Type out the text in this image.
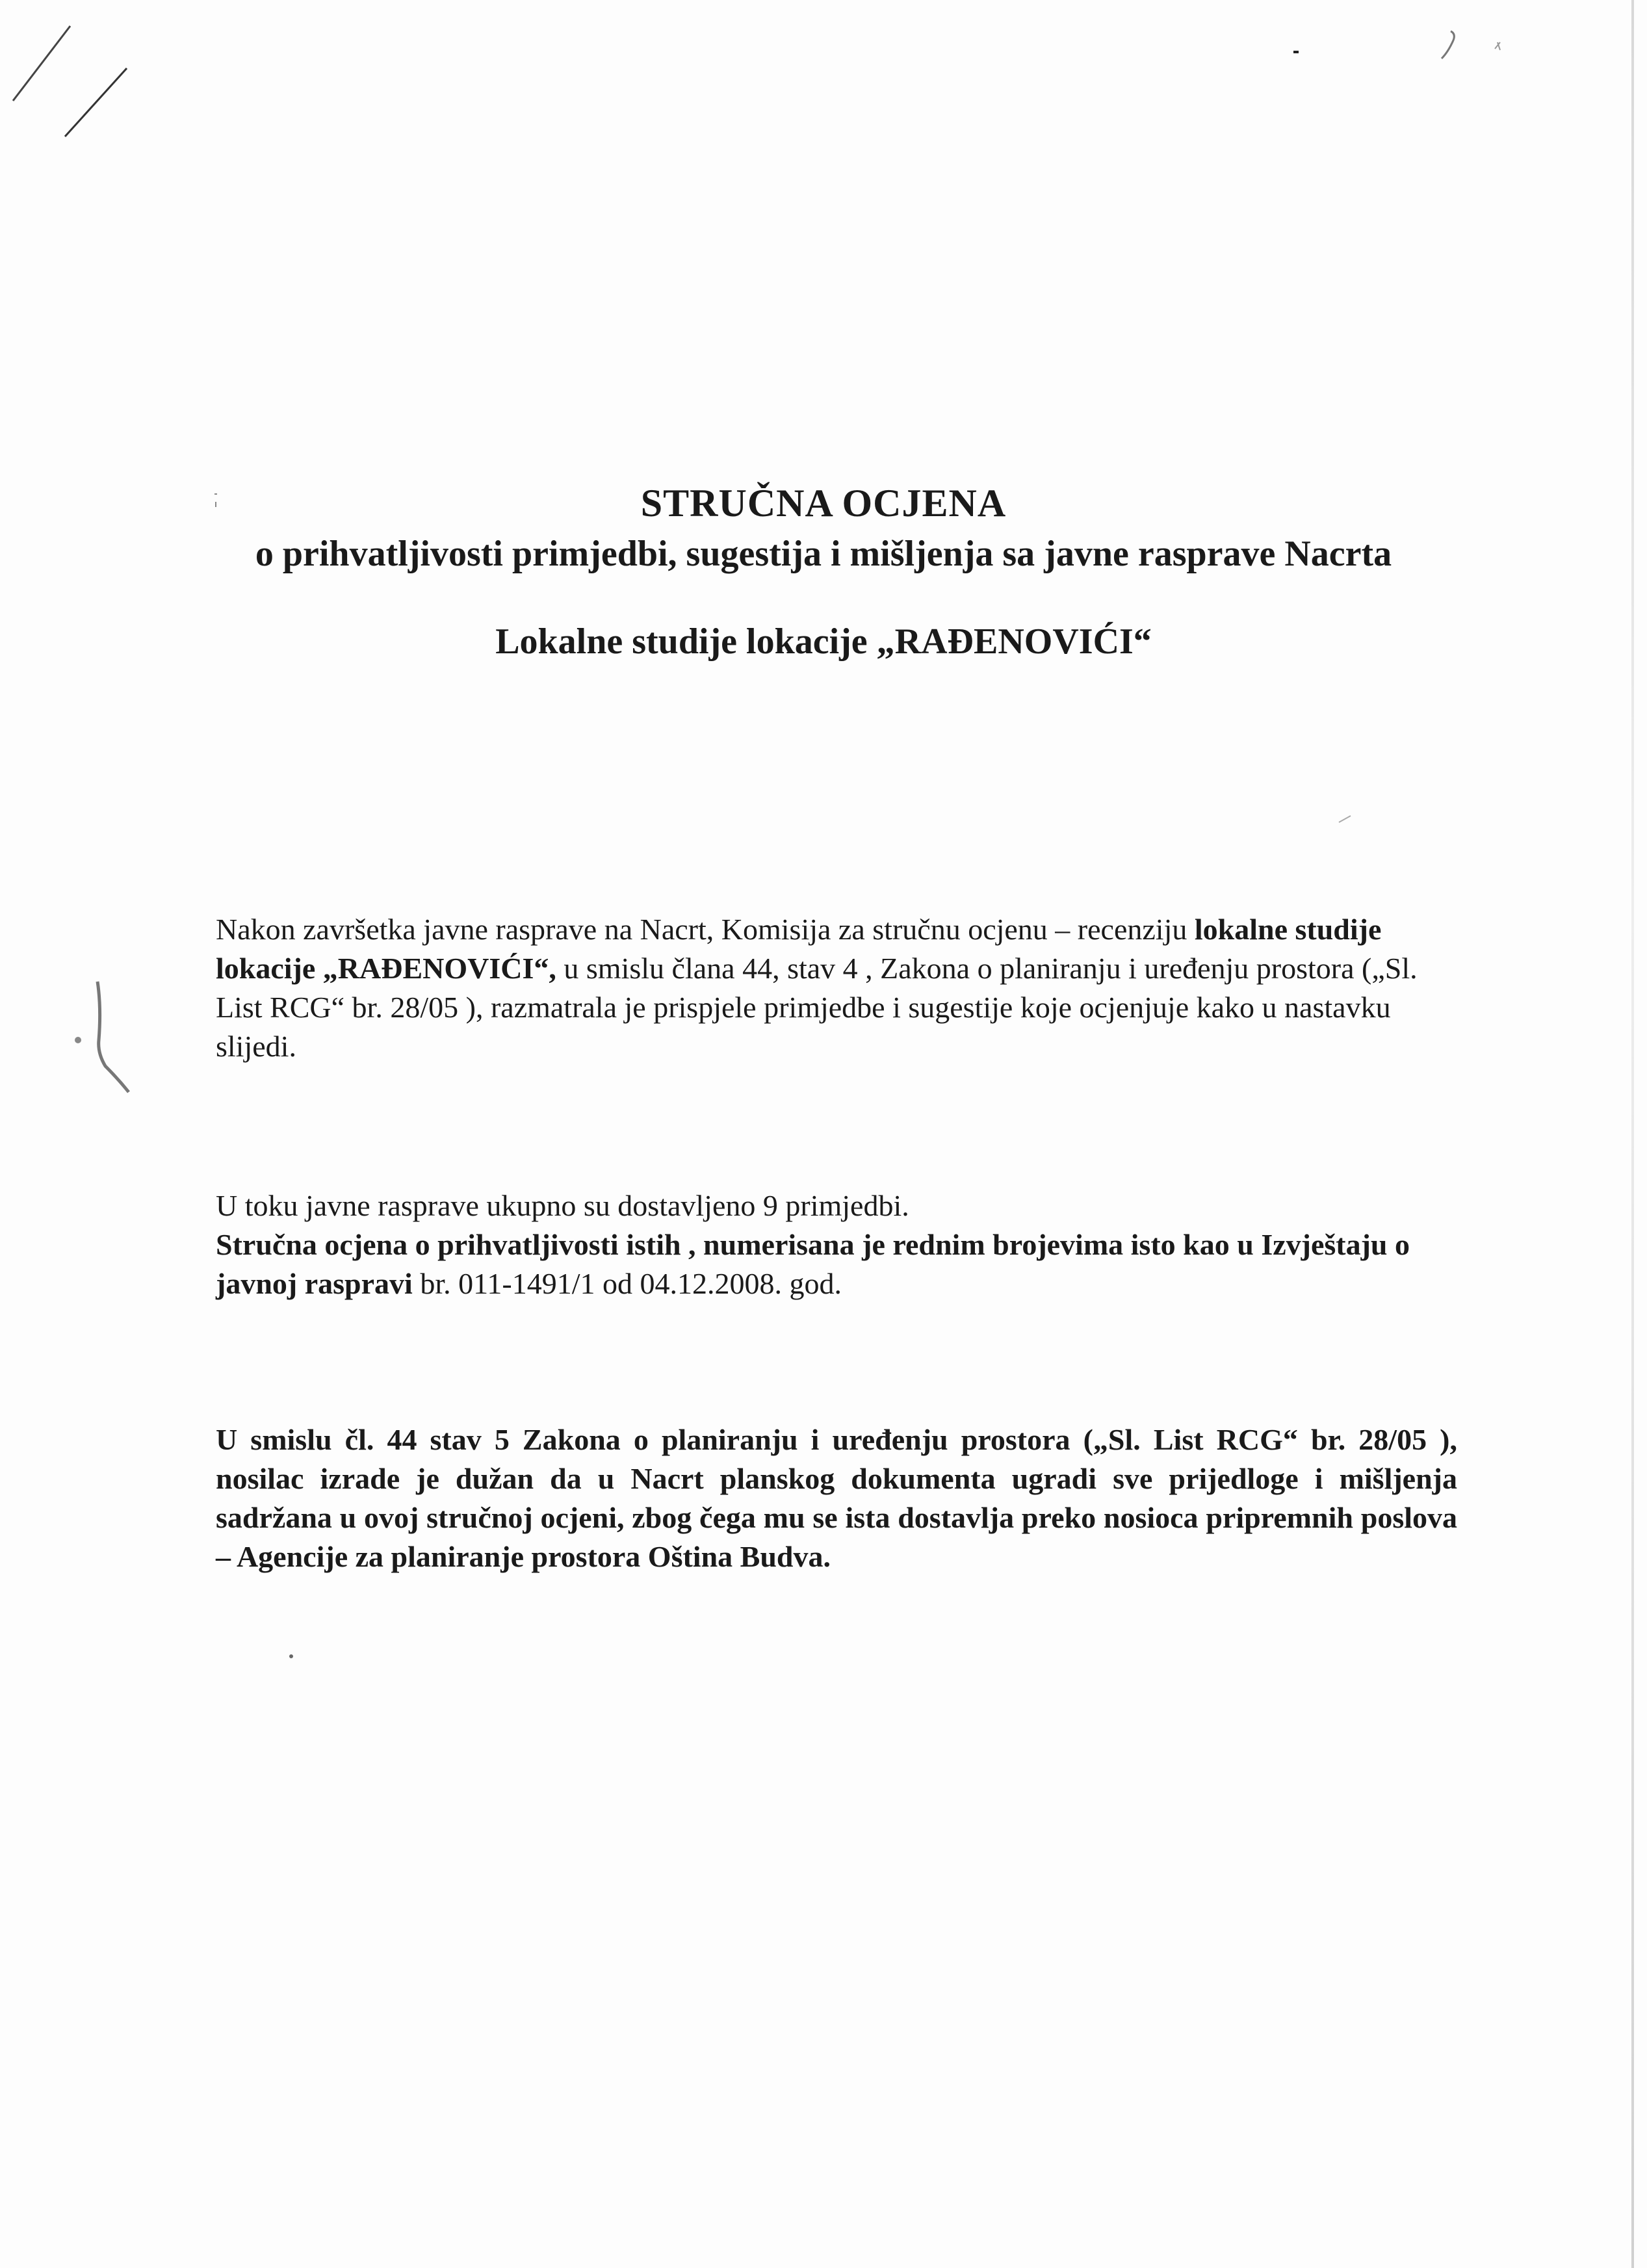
STRUČNA OCJENA
o prihvatljivosti primjedbi, sugestija i mišljenja sa javne rasprave Nacrta
Lokalne studije lokacije „RAĐENOVIĆI“
Nakon završetka javne rasprave na Nacrt, Komisija za stručnu ocjenu – recenziju lokalne studije lokacije „RAĐENOVIĆI“, u smislu člana 44, stav 4 , Zakona o planiranju i uređenju prostora („Sl. List RCG“ br. 28/05 ), razmatrala je prispjele primjedbe i sugestije koje ocjenjuje kako u nastavku slijedi.
U toku javne rasprave ukupno su dostavljeno 9 primjedbi.
Stručna ocjena o prihvatljivosti istih , numerisana je rednim brojevima isto kao u Izvještaju o javnoj raspravi br. 011-1491/1 od 04.12.2008. god.
U smislu čl. 44 stav 5 Zakona o planiranju i uređenju prostora („Sl. List RCG“ br. 28/05 ), nosilac izrade je dužan da u Nacrt planskog dokumenta ugradi sve prijedloge i mišljenja sadržana u ovoj stručnoj ocjeni, zbog čega mu se ista dostavlja preko nosioca pripremnih poslova – Agencije za planiranje prostora Oština Budva.
